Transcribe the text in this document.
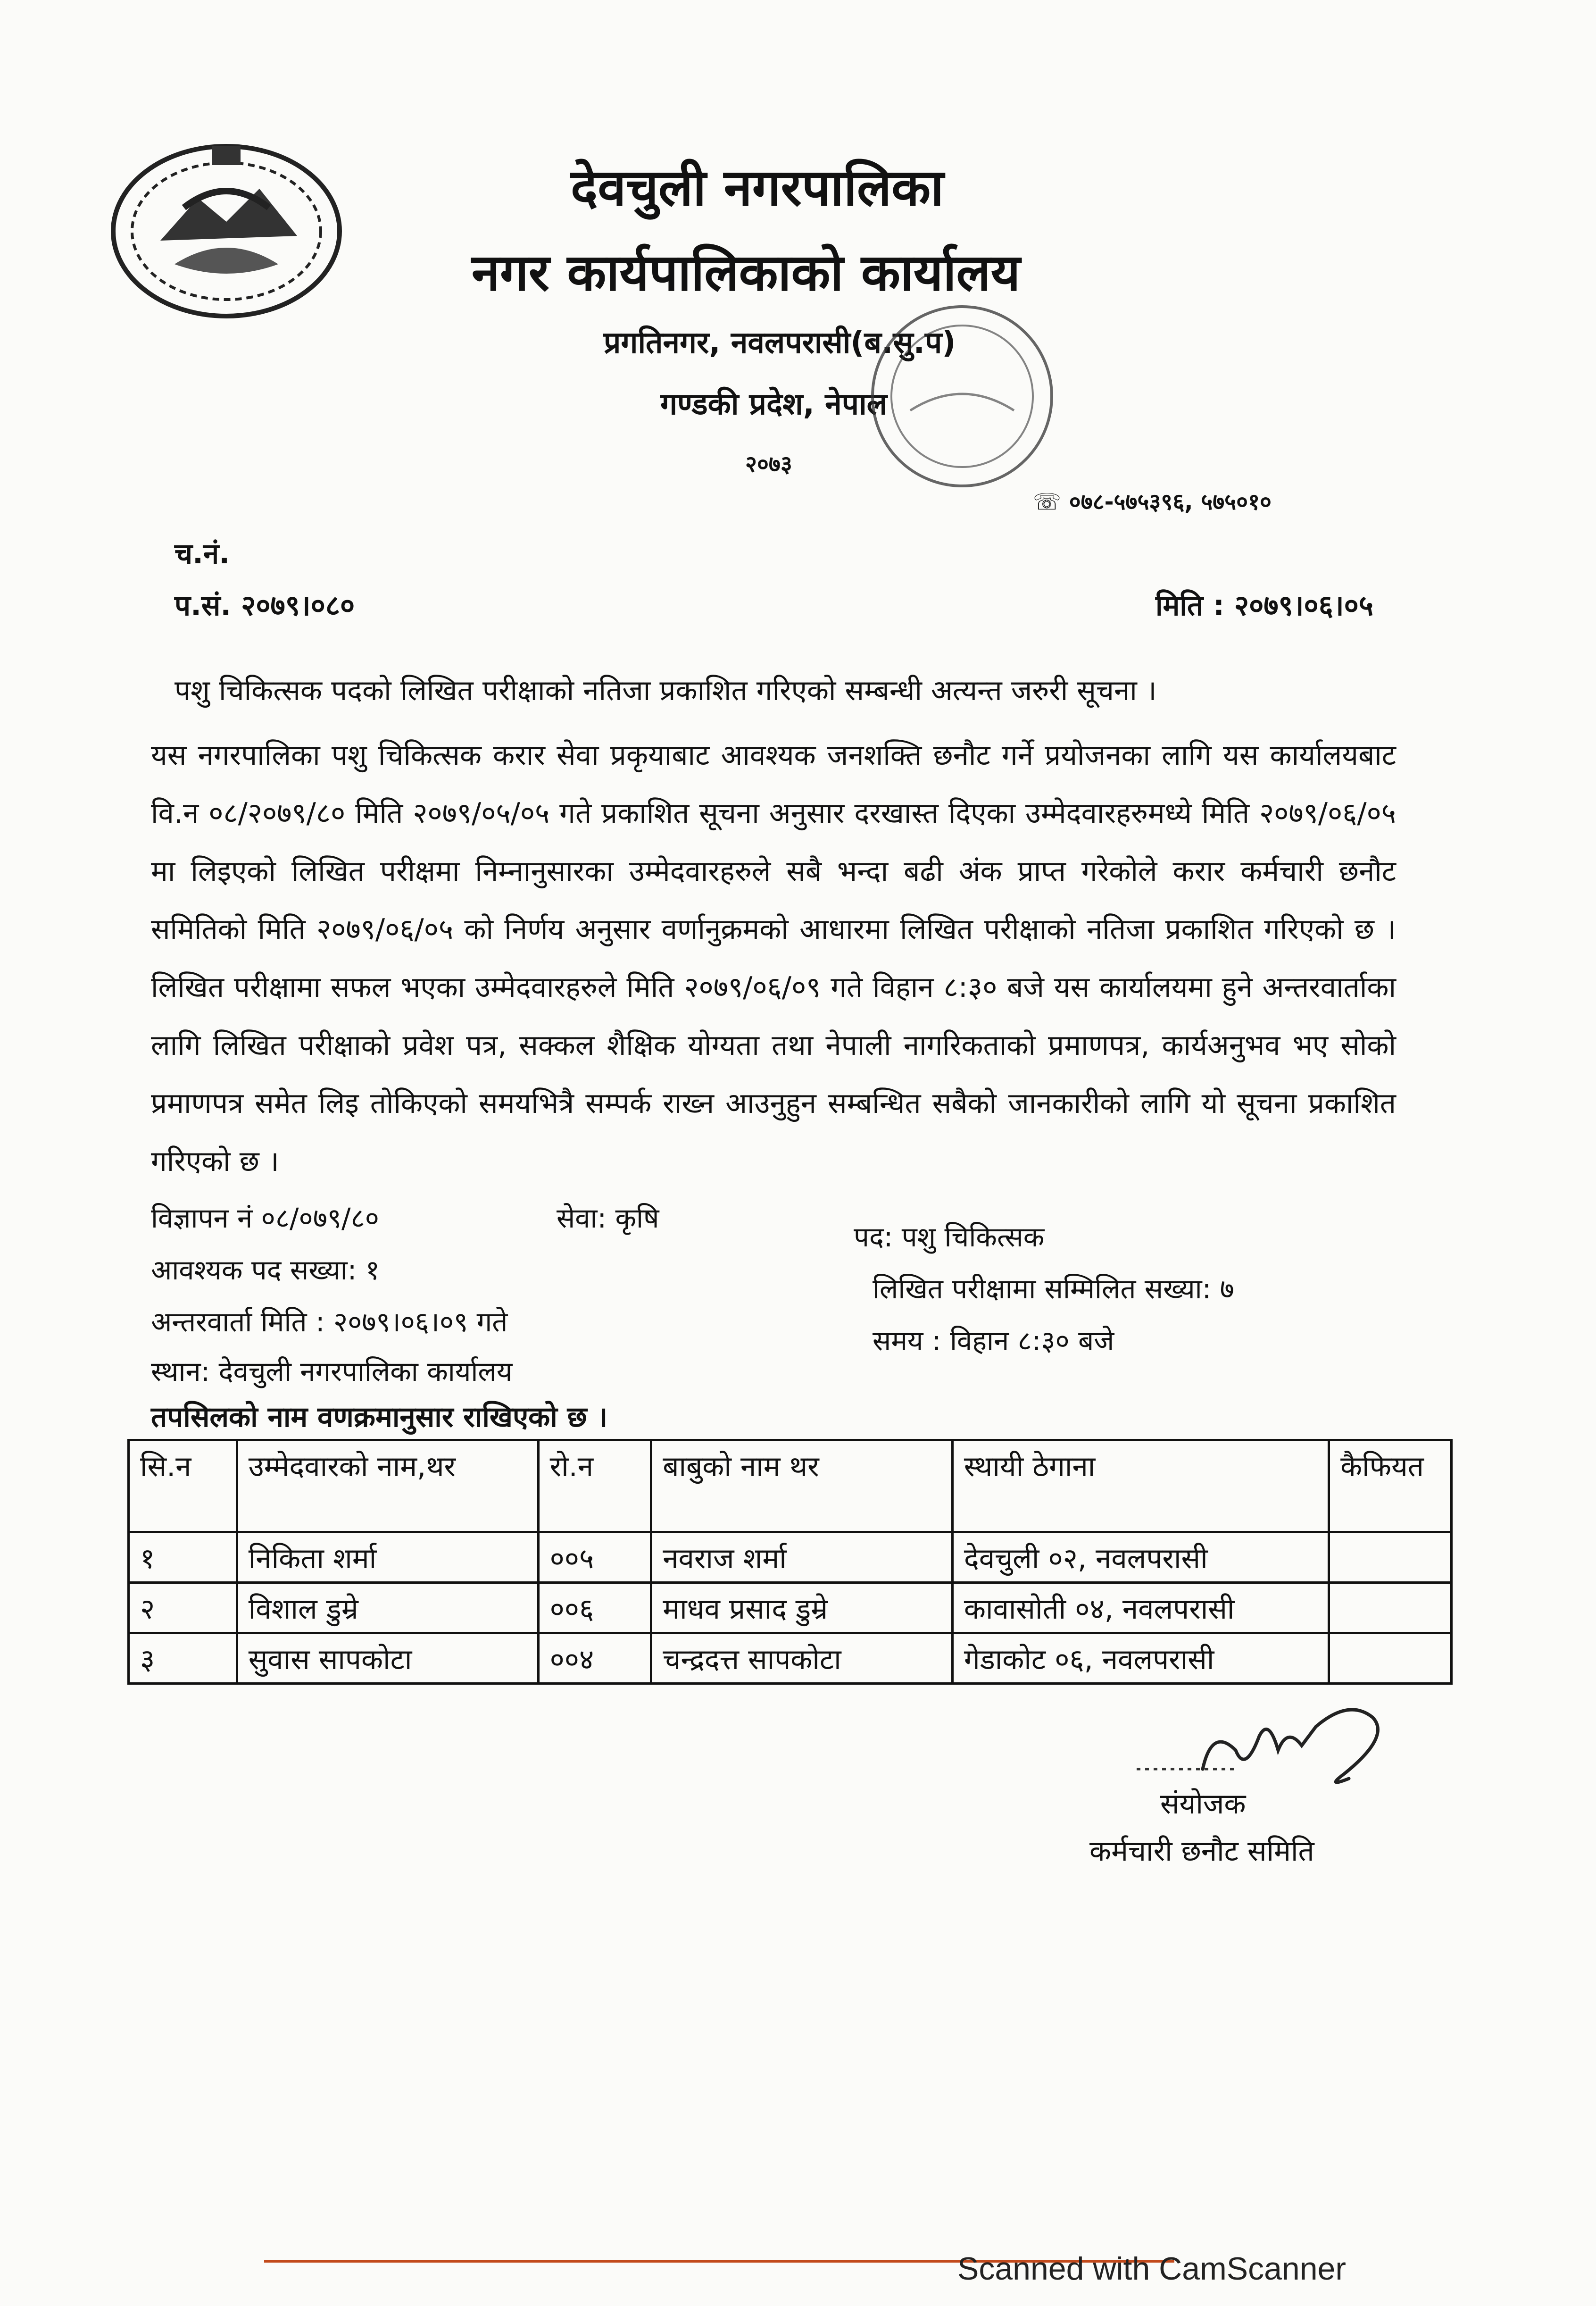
देवचुली नगरपालिका
नगर कार्यपालिकाको कार्यालय
प्रगतिनगर, नवलपरासी(ब.सु.प)
गण्डकी प्रदेश, नेपाल
२०७३
☏ ०७८-५७५३९६, ५७५०१०
च.नं.
प.सं. २०७९।०८०	मिति : २०७९।०६।०५
पशु चिकित्सक पदको लिखित परीक्षाको नतिजा प्रकाशित गरिएको सम्बन्धी अत्यन्त जरुरी सूचना ।
यस नगरपालिका पशु चिकित्सक करार सेवा प्रकृयाबाट आवश्यक जनशक्ति छनौट गर्ने प्रयोजनका लागि यस कार्यालयबाट वि.न ०८/२०७९/८० मिति २०७९/०५/०५ गते प्रकाशित सूचना अनुसार दरखास्त दिएका उम्मेदवारहरुमध्ये मिति २०७९/०६/०५ मा लिइएको लिखित परीक्षमा निम्नानुसारका उम्मेदवारहरुले सबै भन्दा बढी अंक प्राप्त गरेकोले करार कर्मचारी छनौट समितिको मिति २०७९/०६/०५ को निर्णय अनुसार वर्णानुक्रमको आधारमा लिखित परीक्षाको नतिजा प्रकाशित गरिएको छ । लिखित परीक्षामा सफल भएका उम्मेदवारहरुले मिति २०७९/०६/०९ गते विहान ८:३० बजे यस कार्यालयमा हुने अन्तरवार्ताका लागि लिखित परीक्षाको प्रवेश पत्र, सक्कल शैक्षिक योग्यता तथा नेपाली नागरिकताको प्रमाणपत्र, कार्यअनुभव भए सोको प्रमाणपत्र समेत लिइ तोकिएको समयभित्रै सम्पर्क राख्न आउनुहुन सम्बन्धित सबैको जानकारीको लागि यो सूचना प्रकाशित गरिएको छ ।
विज्ञापन नं ०८/०७९/८०	सेवा: कृषि
पद: पशु चिकित्सक
आवश्यक पद सख्या: १
लिखित परीक्षामा सम्मिलित सख्या: ७
अन्तरवार्ता मिति : २०७९।०६।०९ गते
समय : विहान ८:३० बजे
स्थान: देवचुली नगरपालिका कार्यालय
तपसिलको नाम वणक्रमानुसार राखिएको छ ।
सि.न	उम्मेदवारको नाम,थर	रो.न	बाबुको नाम थर	स्थायी ठेगाना	कैफियत
१	निकिता शर्मा	००५	नवराज शर्मा	देवचुली ०२, नवलपरासी	
२	विशाल डुम्रे	००६	माधव प्रसाद डुम्रे	कावासोती ०४, नवलपरासी	
३	सुवास सापकोटा	००४	चन्द्रदत्त सापकोटा	गेडाकोट ०६, नवलपरासी	
संयोजक
कर्मचारी छनौट समिति
Scanned with CamScanner
